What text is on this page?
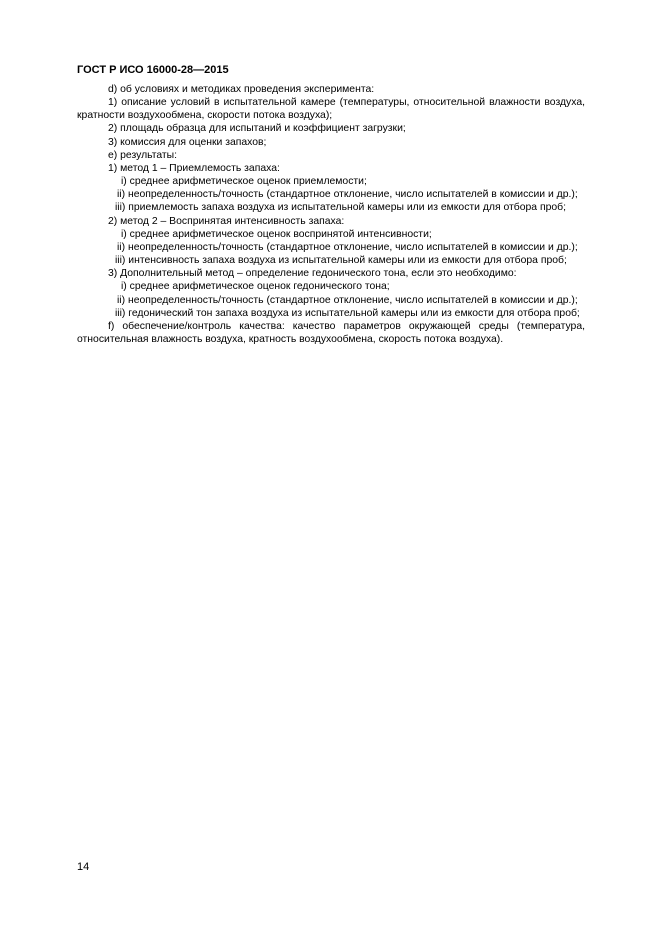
ГОСТ Р ИСО 16000-28—2015
d) об условиях и методиках проведения эксперимента:
1) описание условий в испытательной камере (температуры, относительной влажности воздуха, кратности воздухообмена, скорости потока воздуха);
2) площадь образца для испытаний и коэффициент загрузки;
3) комиссия для оценки запахов;
e) результаты:
1) метод 1 – Приемлемость запаха:
i) среднее арифметическое оценок приемлемости;
ii) неопределенность/точность (стандартное отклонение, число испытателей в комиссии и др.);
iii) приемлемость запаха воздуха из испытательной камеры или из емкости для отбора проб;
2) метод 2 – Воспринятая интенсивность запаха:
i) среднее арифметическое оценок воспринятой интенсивности;
ii) неопределенность/точность (стандартное отклонение, число испытателей в комиссии и др.);
iii) интенсивность запаха воздуха из испытательной камеры или из емкости для отбора проб;
3) Дополнительный метод – определение гедонического тона, если это необходимо:
i) среднее арифметическое оценок гедонического тона;
ii) неопределенность/точность (стандартное отклонение, число испытателей в комиссии и др.);
iii) гедонический тон запаха воздуха из испытательной камеры или из емкости для отбора проб;
f) обеспечение/контроль качества: качество параметров окружающей среды (температура, относительная влажность воздуха, кратность воздухообмена, скорость потока воздуха).
14
